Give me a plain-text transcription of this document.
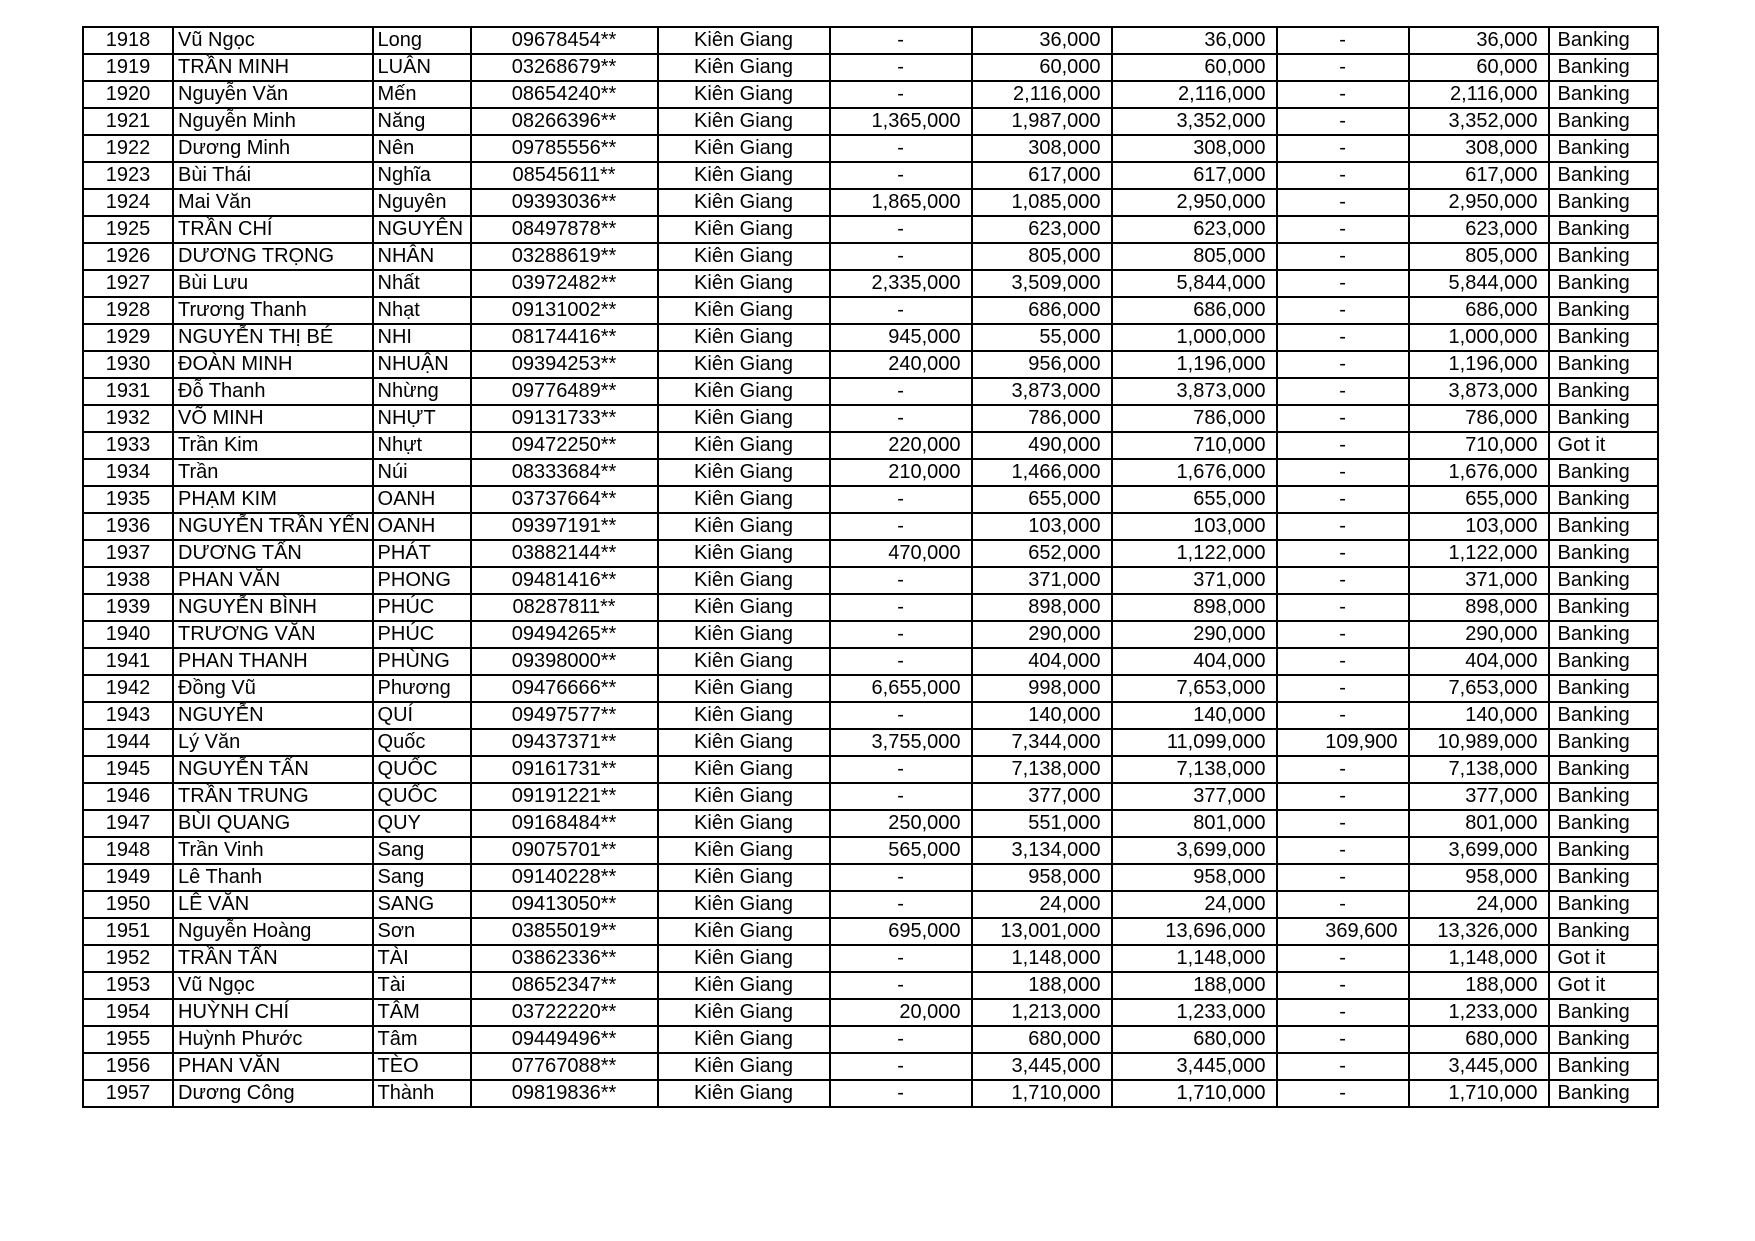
1918	Vũ Ngọc	Long	09678454**	Kiên Giang	-	36,000	36,000	-	36,000	Banking
1919	TRẦN MINH	LUÂN	03268679**	Kiên Giang	-	60,000	60,000	-	60,000	Banking
1920	Nguyễn Văn	Mến	08654240**	Kiên Giang	-	2,116,000	2,116,000	-	2,116,000	Banking
1921	Nguyễn Minh	Năng	08266396**	Kiên Giang	1,365,000	1,987,000	3,352,000	-	3,352,000	Banking
1922	Dương Minh	Nên	09785556**	Kiên Giang	-	308,000	308,000	-	308,000	Banking
1923	Bùi Thái	Nghĩa	08545611**	Kiên Giang	-	617,000	617,000	-	617,000	Banking
1924	Mai Văn	Nguyên	09393036**	Kiên Giang	1,865,000	1,085,000	2,950,000	-	2,950,000	Banking
1925	TRẦN CHÍ	NGUYÊN	08497878**	Kiên Giang	-	623,000	623,000	-	623,000	Banking
1926	DƯƠNG TRỌNG	NHÂN	03288619**	Kiên Giang	-	805,000	805,000	-	805,000	Banking
1927	Bùi Lưu	Nhất	03972482**	Kiên Giang	2,335,000	3,509,000	5,844,000	-	5,844,000	Banking
1928	Trương Thanh	Nhạt	09131002**	Kiên Giang	-	686,000	686,000	-	686,000	Banking
1929	NGUYỄN THỊ BÉ	NHI	08174416**	Kiên Giang	945,000	55,000	1,000,000	-	1,000,000	Banking
1930	ĐOÀN MINH	NHUẬN	09394253**	Kiên Giang	240,000	956,000	1,196,000	-	1,196,000	Banking
1931	Đỗ Thanh	Nhừng	09776489**	Kiên Giang	-	3,873,000	3,873,000	-	3,873,000	Banking
1932	VÕ MINH	NHỰT	09131733**	Kiên Giang	-	786,000	786,000	-	786,000	Banking
1933	Trần Kim	Nhựt	09472250**	Kiên Giang	220,000	490,000	710,000	-	710,000	Got it
1934	Trần	Núi	08333684**	Kiên Giang	210,000	1,466,000	1,676,000	-	1,676,000	Banking
1935	PHẠM KIM	OANH	03737664**	Kiên Giang	-	655,000	655,000	-	655,000	Banking
1936	NGUYỄN TRẦN YẾN	OANH	09397191**	Kiên Giang	-	103,000	103,000	-	103,000	Banking
1937	DƯƠNG TẤN	PHÁT	03882144**	Kiên Giang	470,000	652,000	1,122,000	-	1,122,000	Banking
1938	PHAN VĂN	PHONG	09481416**	Kiên Giang	-	371,000	371,000	-	371,000	Banking
1939	NGUYỄN BÌNH	PHÚC	08287811**	Kiên Giang	-	898,000	898,000	-	898,000	Banking
1940	TRƯƠNG VĂN	PHÚC	09494265**	Kiên Giang	-	290,000	290,000	-	290,000	Banking
1941	PHAN THANH	PHÙNG	09398000**	Kiên Giang	-	404,000	404,000	-	404,000	Banking
1942	Đồng Vũ	Phương	09476666**	Kiên Giang	6,655,000	998,000	7,653,000	-	7,653,000	Banking
1943	NGUYỄN	QUÍ	09497577**	Kiên Giang	-	140,000	140,000	-	140,000	Banking
1944	Lý Văn	Quốc	09437371**	Kiên Giang	3,755,000	7,344,000	11,099,000	109,900	10,989,000	Banking
1945	NGUYỄN TẤN	QUỐC	09161731**	Kiên Giang	-	7,138,000	7,138,000	-	7,138,000	Banking
1946	TRẦN TRUNG	QUỐC	09191221**	Kiên Giang	-	377,000	377,000	-	377,000	Banking
1947	BÙI QUANG	QUY	09168484**	Kiên Giang	250,000	551,000	801,000	-	801,000	Banking
1948	Trần Vinh	Sang	09075701**	Kiên Giang	565,000	3,134,000	3,699,000	-	3,699,000	Banking
1949	Lê Thanh	Sang	09140228**	Kiên Giang	-	958,000	958,000	-	958,000	Banking
1950	LÊ VĂN	SANG	09413050**	Kiên Giang	-	24,000	24,000	-	24,000	Banking
1951	Nguyễn Hoàng	Sơn	03855019**	Kiên Giang	695,000	13,001,000	13,696,000	369,600	13,326,000	Banking
1952	TRẦN TẤN	TÀI	03862336**	Kiên Giang	-	1,148,000	1,148,000	-	1,148,000	Got it
1953	Vũ Ngọc	Tài	08652347**	Kiên Giang	-	188,000	188,000	-	188,000	Got it
1954	HUỲNH CHÍ	TÂM	03722220**	Kiên Giang	20,000	1,213,000	1,233,000	-	1,233,000	Banking
1955	Huỳnh Phước	Tâm	09449496**	Kiên Giang	-	680,000	680,000	-	680,000	Banking
1956	PHAN VĂN	TÈO	07767088**	Kiên Giang	-	3,445,000	3,445,000	-	3,445,000	Banking
1957	Dương Công	Thành	09819836**	Kiên Giang	-	1,710,000	1,710,000	-	1,710,000	Banking
